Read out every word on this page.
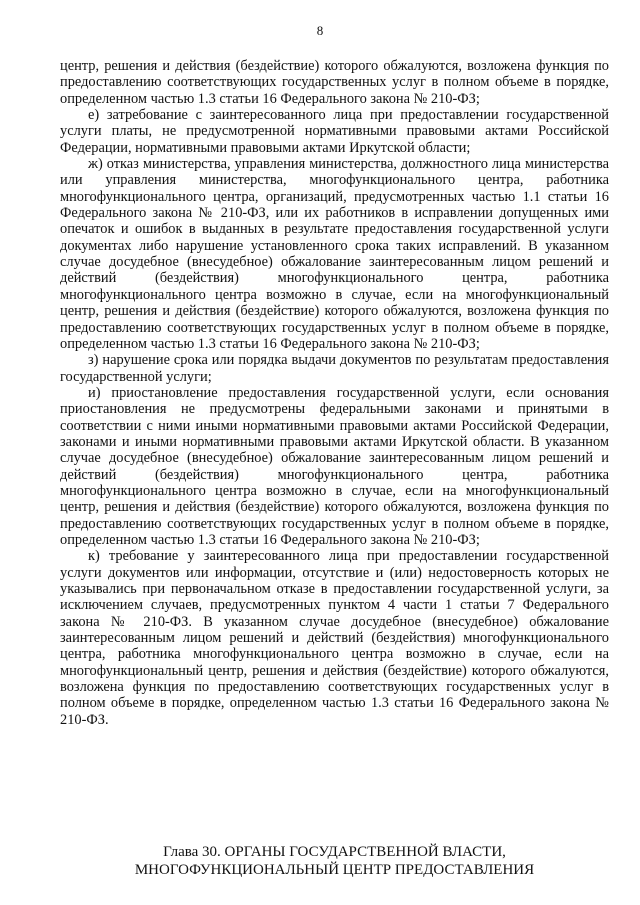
8

центр, решения и действия (бездействие) которого обжалуются, возложена функция по предоставлению соответствующих государственных услуг в полном объеме в порядке, определенном частью 1.3 статьи 16 Федерального закона № 210-ФЗ;

е) затребование с заинтересованного лица при предоставлении государственной услуги платы, не предусмотренной нормативными правовыми актами Российской Федерации, нормативными правовыми актами Иркутской области;

ж) отказ министерства, управления министерства, должностного лица министерства или управления министерства, многофункционального центра, работника многофункционального центра, организаций, предусмотренных частью 1.1 статьи 16 Федерального закона № 210-ФЗ, или их работников в исправлении допущенных ими опечаток и ошибок в выданных в результате предоставления государственной услуги документах либо нарушение установленного срока таких исправлений. В указанном случае досудебное (внесудебное) обжалование заинтересованным лицом решений и действий (бездействия) многофункционального центра, работника многофункционального центра возможно в случае, если на многофункциональный центр, решения и действия (бездействие) которого обжалуются, возложена функция по предоставлению соответствующих государственных услуг в полном объеме в порядке, определенном частью 1.3 статьи 16 Федерального закона № 210-ФЗ;

з) нарушение срока или порядка выдачи документов по результатам предоставления государственной услуги;

и) приостановление предоставления государственной услуги, если основания приостановления не предусмотрены федеральными законами и принятыми в соответствии с ними иными нормативными правовыми актами Российской Федерации, законами и иными нормативными правовыми актами Иркутской области. В указанном случае досудебное (внесудебное) обжалование заинтересованным лицом решений и действий (бездействия) многофункционального центра, работника многофункционального центра возможно в случае, если на многофункциональный центр, решения и действия (бездействие) которого обжалуются, возложена функция по предоставлению соответствующих государственных услуг в полном объеме в порядке, определенном частью 1.3 статьи 16 Федерального закона № 210-ФЗ;

к) требование у заинтересованного лица при предоставлении государственной услуги документов или информации, отсутствие и (или) недостоверность которых не указывались при первоначальном отказе в предоставлении государственной услуги, за исключением случаев, предусмотренных пунктом 4 части 1 статьи 7 Федерального закона № 210-ФЗ. В указанном случае досудебное (внесудебное) обжалование заинтересованным лицом решений и действий (бездействия) многофункционального центра, работника многофункционального центра возможно в случае, если на многофункциональный центр, решения и действия (бездействие) которого обжалуются, возложена функция по предоставлению соответствующих государственных услуг в полном объеме в порядке, определенном частью 1.3 статьи 16 Федерального закона № 210-ФЗ.

Глава 30. ОРГАНЫ ГОСУДАРСТВЕННОЙ ВЛАСТИ,
МНОГОФУНКЦИОНАЛЬНЫЙ ЦЕНТР ПРЕДОСТАВЛЕНИЯ
